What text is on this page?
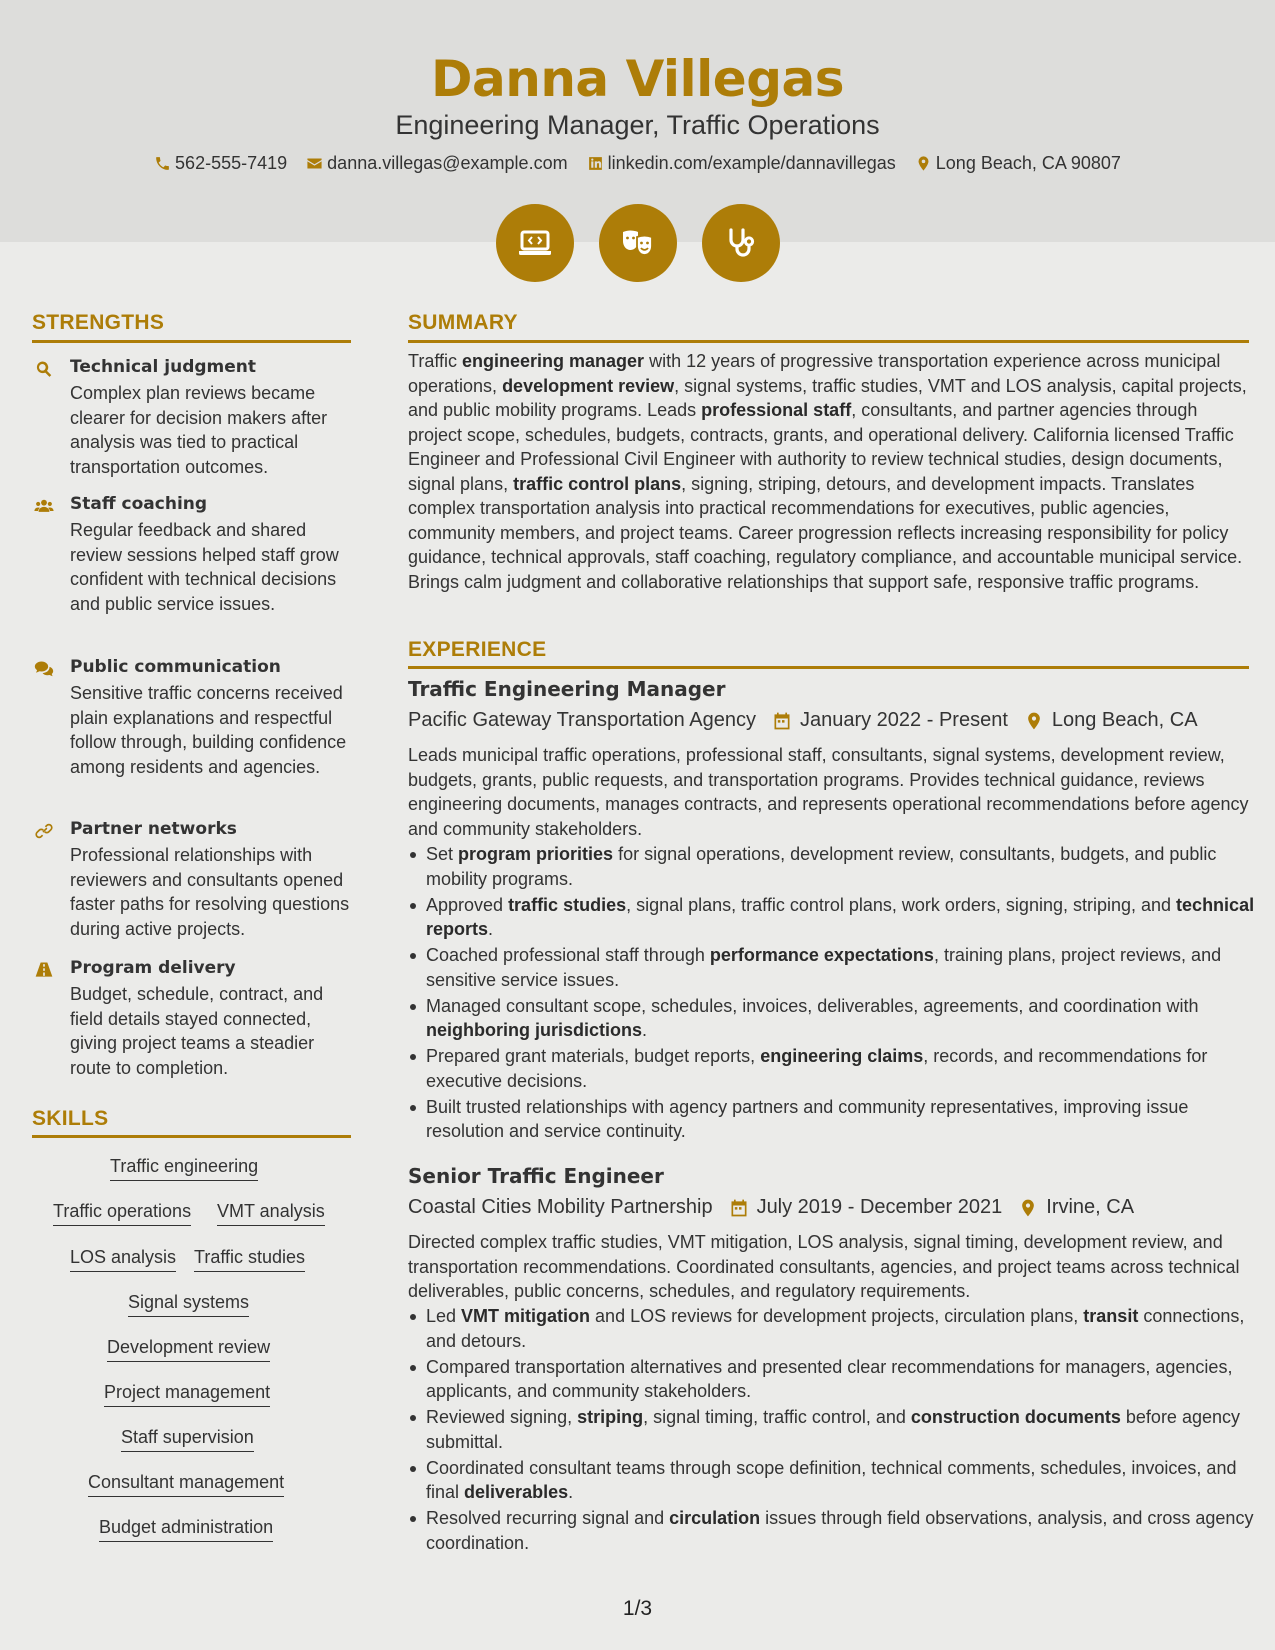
Danna Villegas
Engineering Manager, Traffic Operations
562-555-7419
danna.villegas@example.com
linkedin.com/example/dannavillegas
Long Beach, CA 90807
STRENGTHS
Technical judgment
Complex plan reviews became clearer for decision makers after analysis was tied to practical transportation outcomes.
Staff coaching
Regular feedback and shared review sessions helped staff grow confident with technical decisions and public service issues.
Public communication
Sensitive traffic concerns received plain explanations and respectful follow through, building confidence among residents and agencies.
Partner networks
Professional relationships with reviewers and consultants opened faster paths for resolving questions during active projects.
Program delivery
Budget, schedule, contract, and field details stayed connected, giving project teams a steadier route to completion.
SKILLS
Traffic engineering
Traffic operations VMT analysis
LOS analysis Traffic studies
Signal systems
Development review
Project management
Staff supervision
Consultant management
Budget administration
SUMMARY
Traffic engineering manager with 12 years of progressive transportation experience across municipal operations, development review, signal systems, traffic studies, VMT and LOS analysis, capital projects, and public mobility programs. Leads professional staff, consultants, and partner agencies through project scope, schedules, budgets, contracts, grants, and operational delivery. California licensed Traffic Engineer and Professional Civil Engineer with authority to review technical studies, design documents, signal plans, traffic control plans, signing, striping, detours, and development impacts. Translates complex transportation analysis into practical recommendations for executives, public agencies, community members, and project teams. Career progression reflects increasing responsibility for policy guidance, technical approvals, staff coaching, regulatory compliance, and accountable municipal service. Brings calm judgment and collaborative relationships that support safe, responsive traffic programs.
EXPERIENCE
Traffic Engineering Manager
Pacific Gateway Transportation Agency January 2022 - Present Long Beach, CA
Leads municipal traffic operations, professional staff, consultants, signal systems, development review, budgets, grants, public requests, and transportation programs. Provides technical guidance, reviews engineering documents, manages contracts, and represents operational recommendations before agency and community stakeholders.
Set program priorities for signal operations, development review, consultants, budgets, and public mobility programs.
Approved traffic studies, signal plans, traffic control plans, work orders, signing, striping, and technical reports.
Coached professional staff through performance expectations, training plans, project reviews, and sensitive service issues.
Managed consultant scope, schedules, invoices, deliverables, agreements, and coordination with neighboring jurisdictions.
Prepared grant materials, budget reports, engineering claims, records, and recommendations for executive decisions.
Built trusted relationships with agency partners and community representatives, improving issue resolution and service continuity.
Senior Traffic Engineer
Coastal Cities Mobility Partnership July 2019 - December 2021 Irvine, CA
Directed complex traffic studies, VMT mitigation, LOS analysis, signal timing, development review, and transportation recommendations. Coordinated consultants, agencies, and project teams across technical deliverables, public concerns, schedules, and regulatory requirements.
Led VMT mitigation and LOS reviews for development projects, circulation plans, transit connections, and detours.
Compared transportation alternatives and presented clear recommendations for managers, agencies, applicants, and community stakeholders.
Reviewed signing, striping, signal timing, traffic control, and construction documents before agency submittal.
Coordinated consultant teams through scope definition, technical comments, schedules, invoices, and final deliverables.
Resolved recurring signal and circulation issues through field observations, analysis, and cross agency coordination.
1/3
